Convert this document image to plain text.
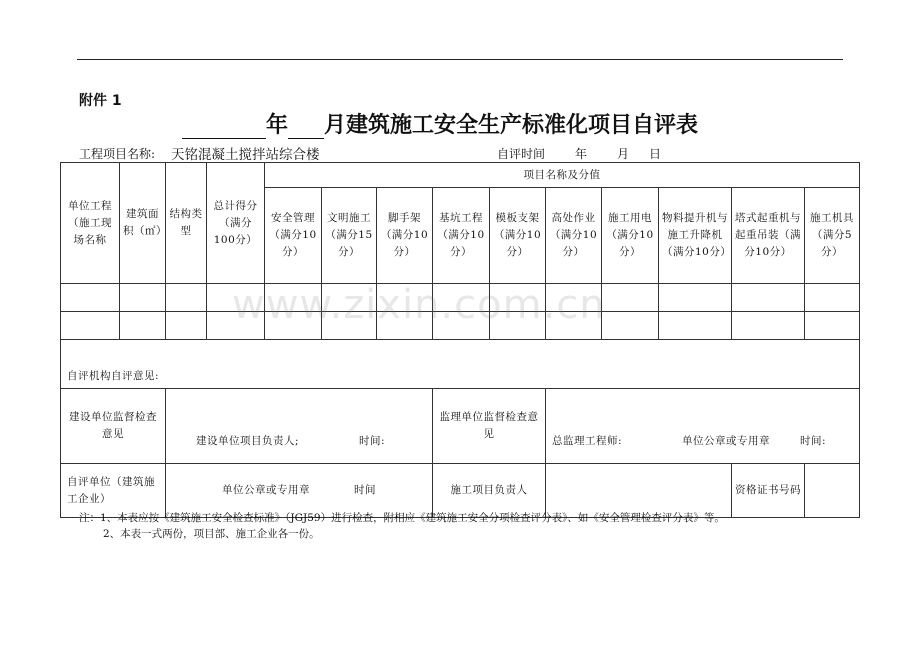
附件 1
年 月建筑施工安全生产标准化项目自评表
工程项目名称: 天铭混凝土搅拌站综合楼	自评时间	年	月 日
单位工程（施工现场名称	建筑面积（㎡）	结构类型	总计得分（满分100分）	项目名称及分值									
				安全管理（满分10分）	文明施工（满分15分）	脚手架（满分10分）	基坑工程（满分10分）	模板支架（满分10分）	高处作业（满分10分）	施工用电（满分10分）	物料提升机与施工升降机（满分10分）	塔式起重机与起重吊装（满分10分）	施工机具（满分5分）

自评机构自评意见:													
建设单位监督检查意见		建设单位项目负责人; 时间:					监理单位监督检查意见		总监理工程师: 单位公章或专用章 时间:				

自评单位（建筑施工企业）		单位公章或专用章 时间					施工项目负责人					资格证书号码	
注：1、本表应按《建筑施工安全检查标准》（JGJ59）进行检查，附相应《建筑施工安全分项检查评分表》、如《安全管理检查评分表》等。
2、本表一式两份，项目部、施工企业各一份。
www.zixin.com.cn
